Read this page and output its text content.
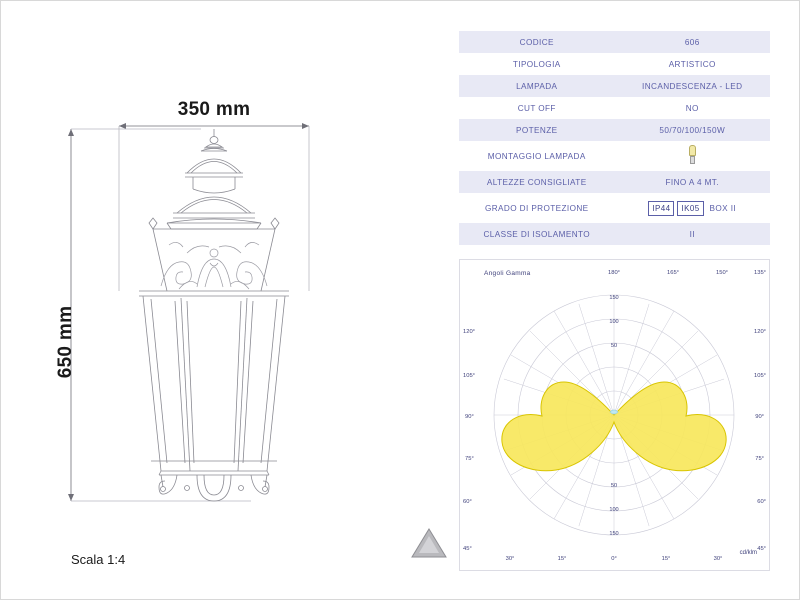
350 mm
650 mm
Scala 1:4
CODICE	606
TIPOLOGIA	ARTISTICO
LAMPADA	INCANDESCENZA - LED
CUT OFF	NO
POTENZE	50/70/100/150W
MONTAGGIO LAMPADA	

ALTEZZE CONSIGLIATE	FINO A 4 MT.
GRADO DI PROTEZIONE	IP44 IK05 BOX II

CLASSE DI ISOLAMENTO	II
Angoli Gamma
cd/klm
150
100
50
50
100
150
180°	165°	150°	135°
120°
105°
90°
75°
60°
45°
120°
105°
90°
75°
60°
45°
30°	15°	0°	15°	30°
